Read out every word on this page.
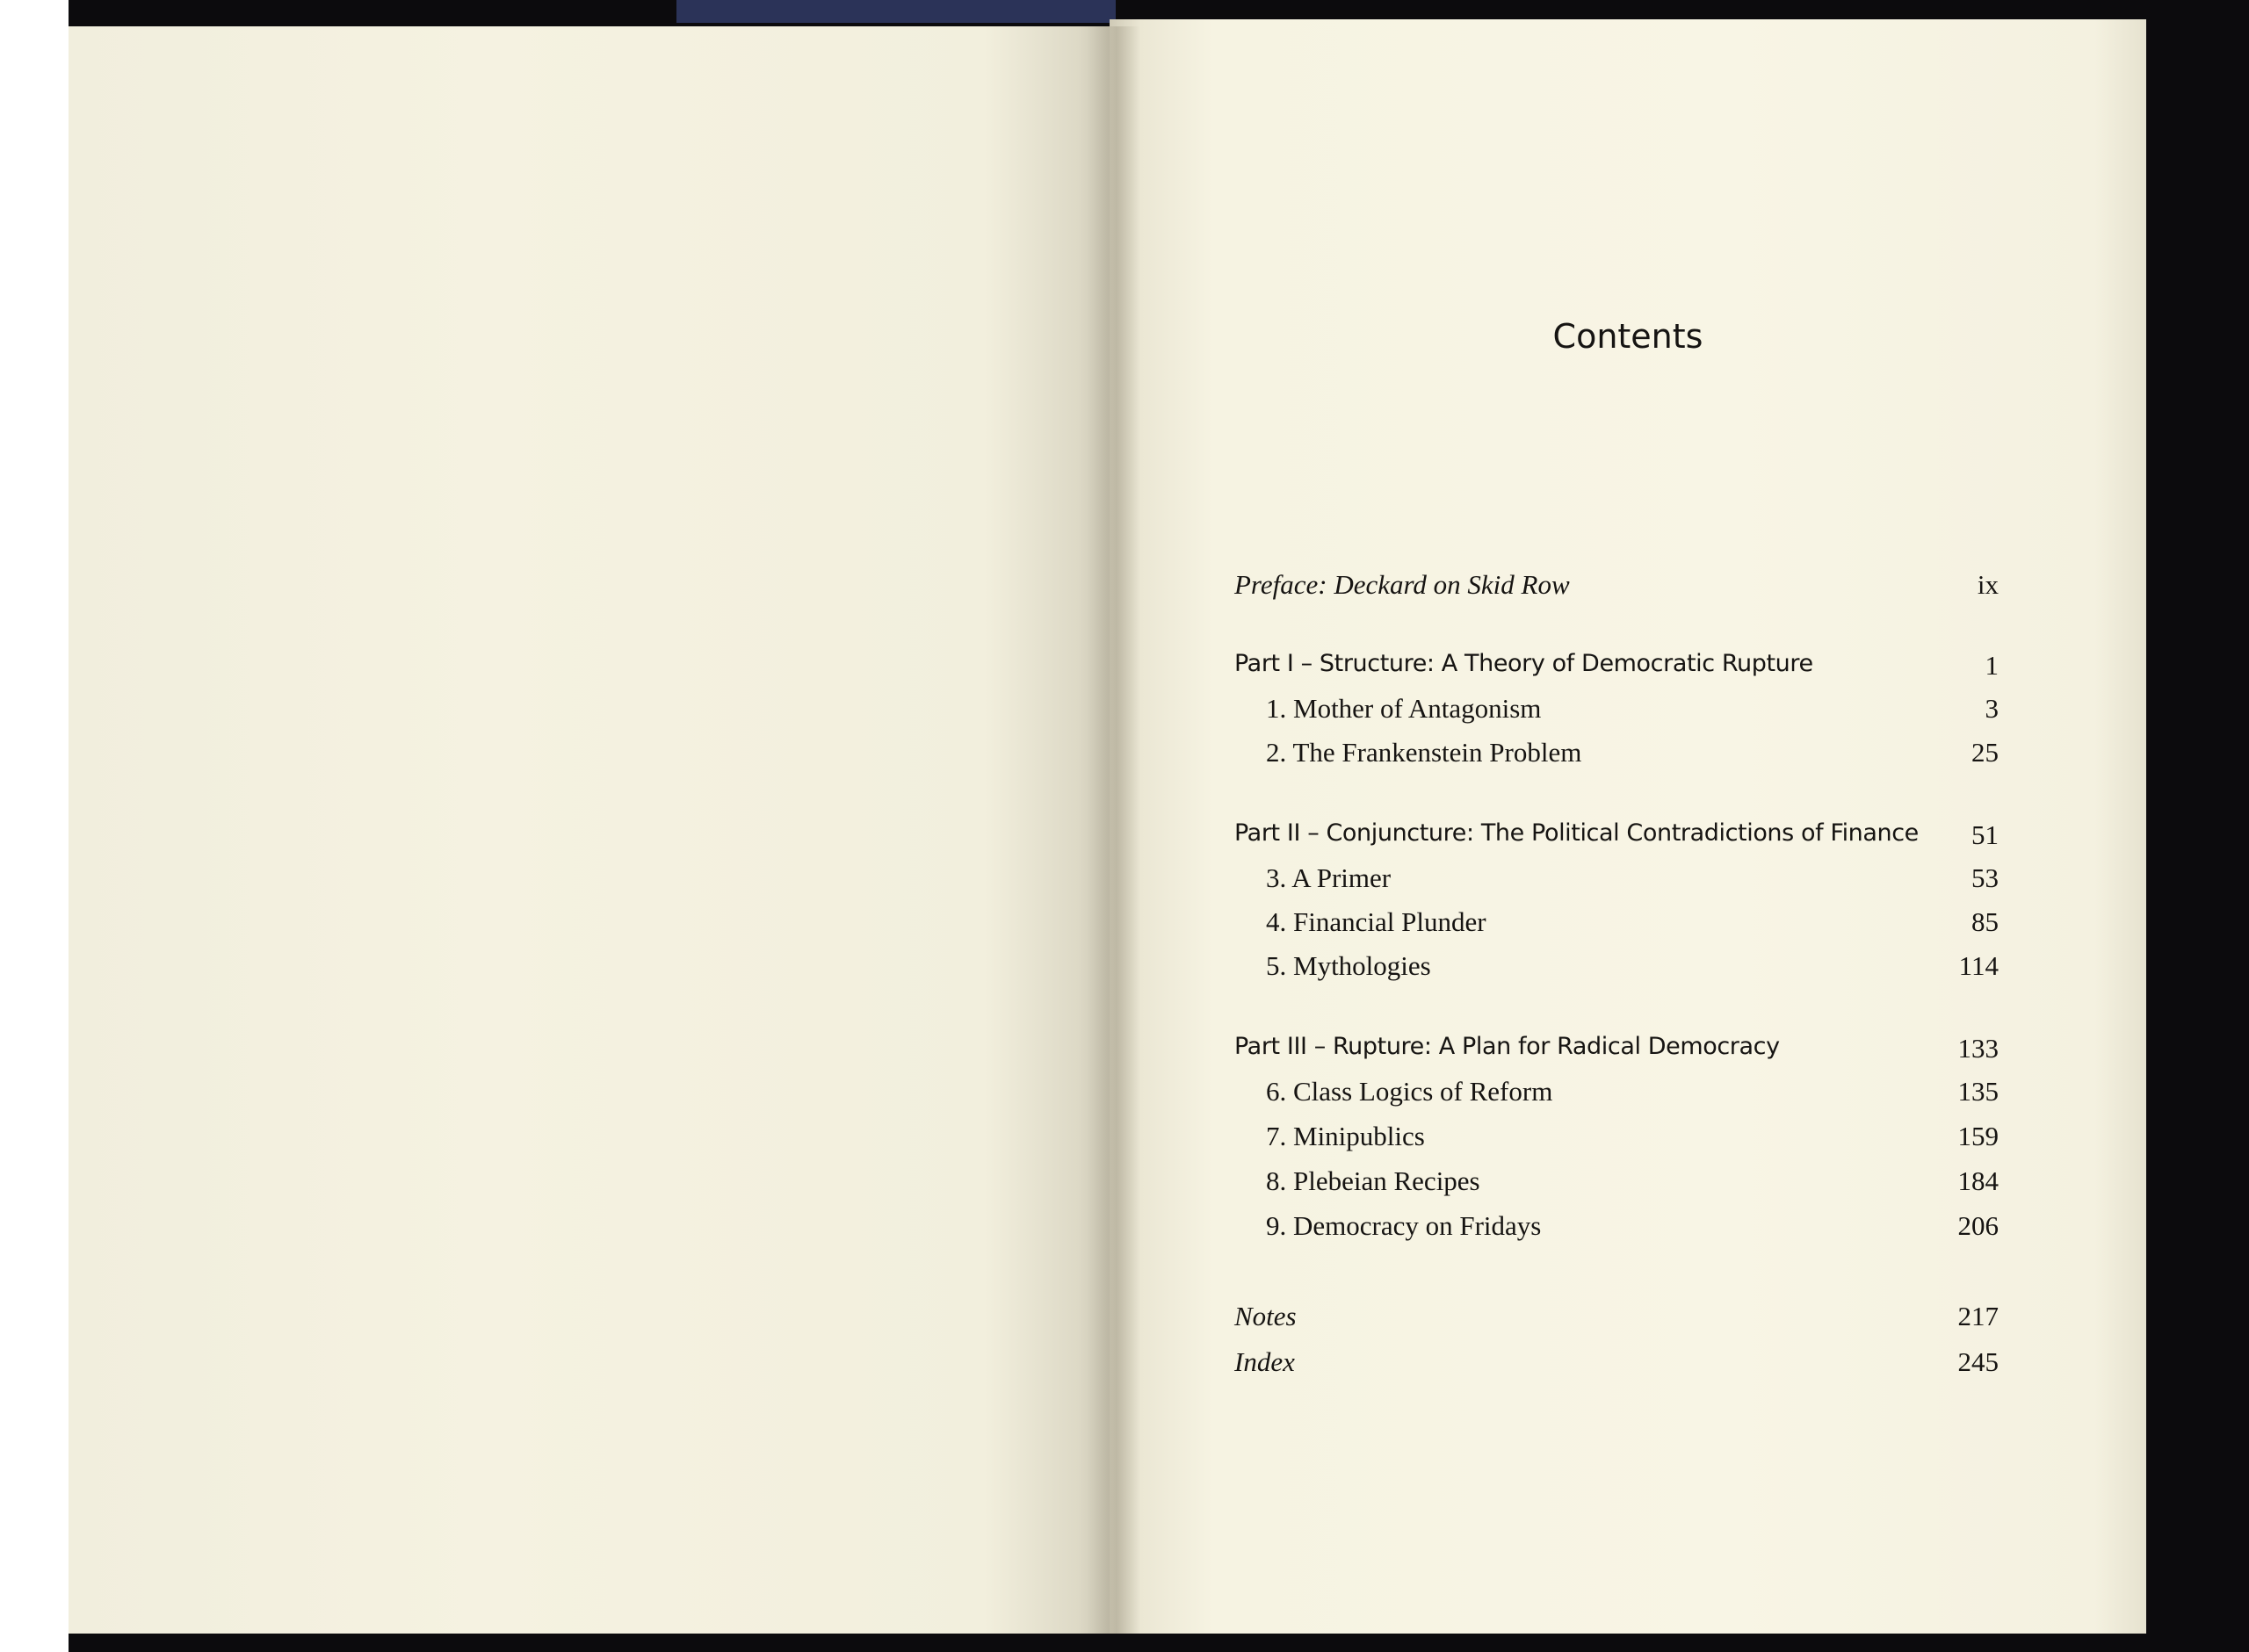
Contents
Preface: Deckard on Skid Row	ix
Part I – Structure: A Theory of Democratic Rupture	1
1. Mother of Antagonism	3
2. The Frankenstein Problem	25
Part II – Conjuncture: The Political Contradictions of Finance 51
3. A Primer	53
4. Financial Plunder	85
5. Mythologies	114
Part III – Rupture: A Plan for Radical Democracy	133
6. Class Logics of Reform	135
7. Minipublics	159
8. Plebeian Recipes	184
9. Democracy on Fridays	206
Notes	217
Index	245
